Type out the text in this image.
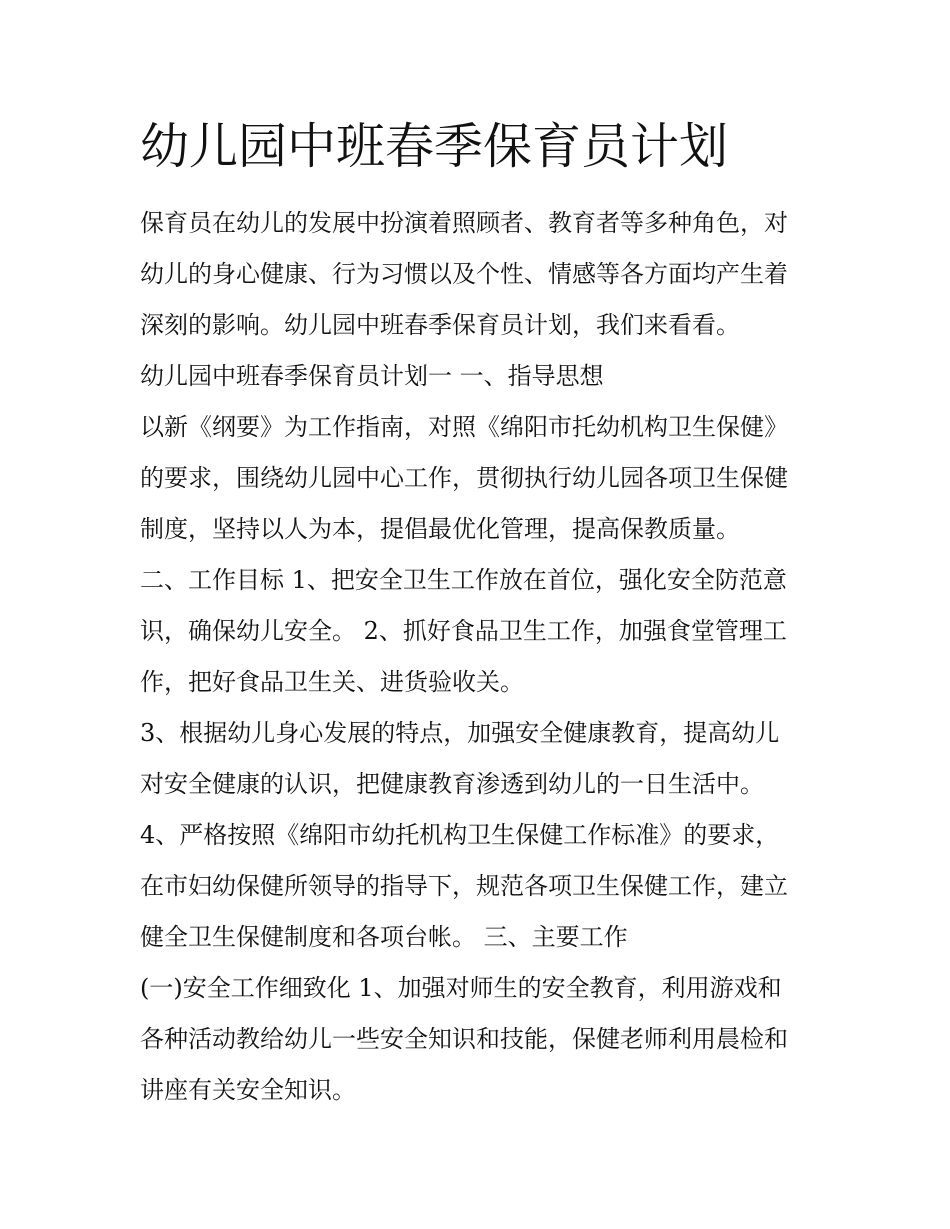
幼儿园中班春季保育员计划

保育员在幼儿的发展中扮演着照顾者、教育者等多种角色，对
幼儿的身心健康、行为习惯以及个性、情感等各方面均产生着
深刻的影响。幼儿园中班春季保育员计划，我们来看看。

幼儿园中班春季保育员计划一 一、指导思想

以新《纲要》为工作指南，对照《绵阳市托幼机构卫生保健》
的要求，围绕幼儿园中心工作，贯彻执行幼儿园各项卫生保健
制度，坚持以人为本，提倡最优化管理，提高保教质量。

二、工作目标 1、把安全卫生工作放在首位，强化安全防范意
识，确保幼儿安全。 2、抓好食品卫生工作，加强食堂管理工
作，把好食品卫生关、进货验收关。

3、根据幼儿身心发展的特点，加强安全健康教育，提高幼儿
对安全健康的认识，把健康教育渗透到幼儿的一日生活中。

4、严格按照《绵阳市幼托机构卫生保健工作标准》的要求，
在市妇幼保健所领导的指导下，规范各项卫生保健工作，建立
健全卫生保健制度和各项台帐。 三、主要工作

(一)安全工作细致化 1、加强对师生的安全教育，利用游戏和
各种活动教给幼儿一些安全知识和技能，保健老师利用晨检和
讲座有关安全知识。
